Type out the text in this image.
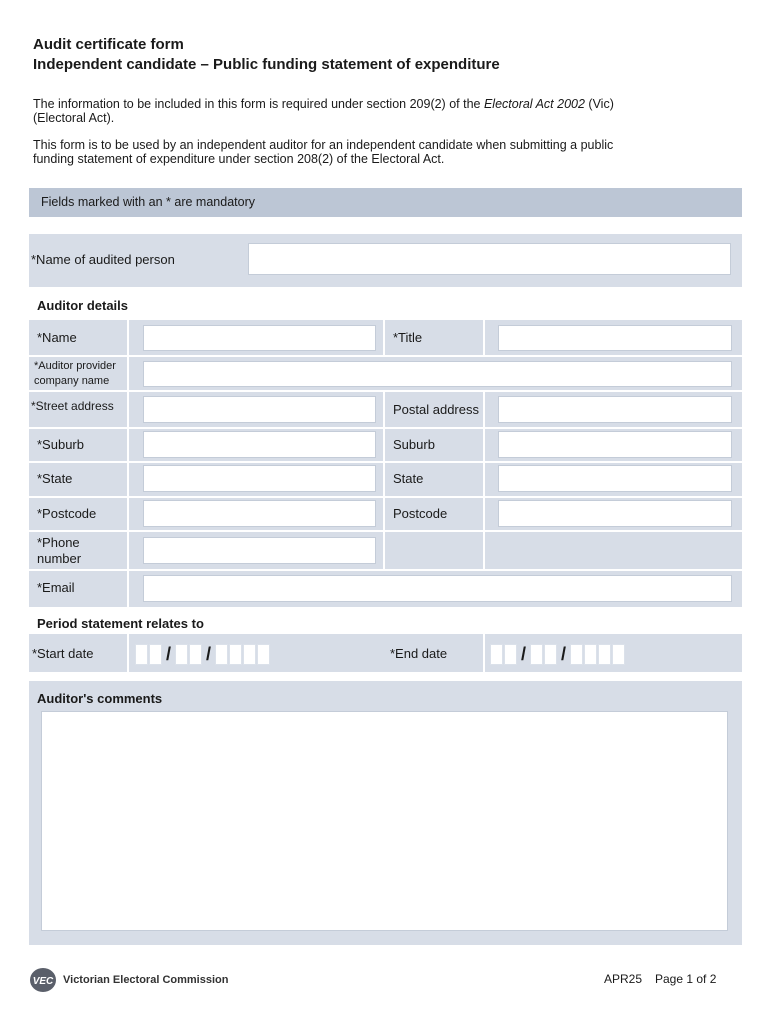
Audit certificate form
Independent candidate – Public funding statement of expenditure
The information to be included in this form is required under section 209(2) of the Electoral Act 2002 (Vic)
(Electoral Act).
This form is to be used by an independent auditor for an independent candidate when submitting a public
funding statement of expenditure under section 208(2) of the Electoral Act.
Fields marked with an * are mandatory
*Name of audited person
Auditor details
*Name	*Title
*Auditor provider
company name
*Street address	Postal address
*Suburb	Suburb
*State	State
*Postcode	Postcode
*Phone
number
*Email
Period statement relates to
*Start date	/ /	*End date	/ /
Auditor's comments
VEC Victorian Electoral Commission	APR25 Page 1 of 2
